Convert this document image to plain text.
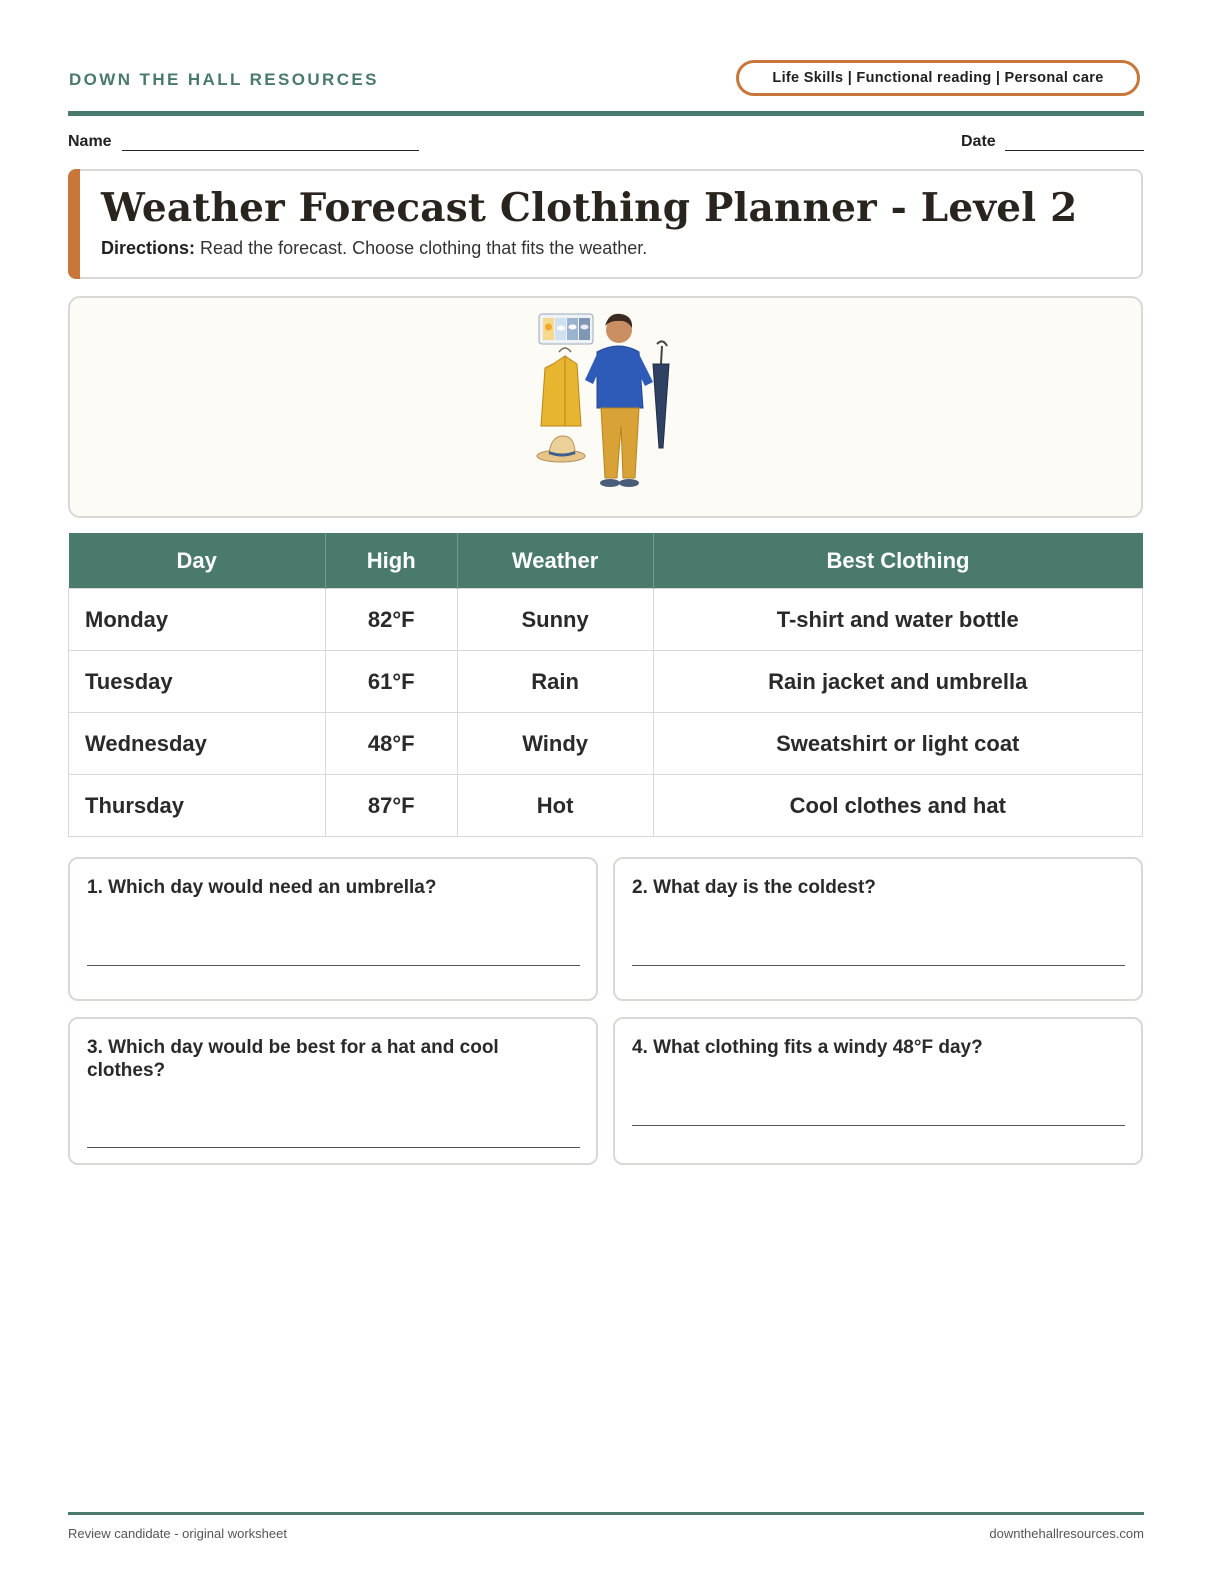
DOWN THE HALL RESOURCES	Life Skills | Functional reading | Personal care
Name	Date
Weather Forecast Clothing Planner - Level 2
Directions: Read the forecast. Choose clothing that fits the weather.
Day	High	Weather	Best Clothing
Monday	82°F	Sunny	T-shirt and water bottle
Tuesday	61°F	Rain	Rain jacket and umbrella
Wednesday	48°F	Windy	Sweatshirt or light coat
Thursday	87°F	Hot	Cool clothes and hat
1. Which day would need an umbrella?	2. What day is the coldest?
3. Which day would be best for a hat and cool clothes?
4. What clothing fits a windy 48°F day?
Review candidate - original worksheet	downthehallresources.com
